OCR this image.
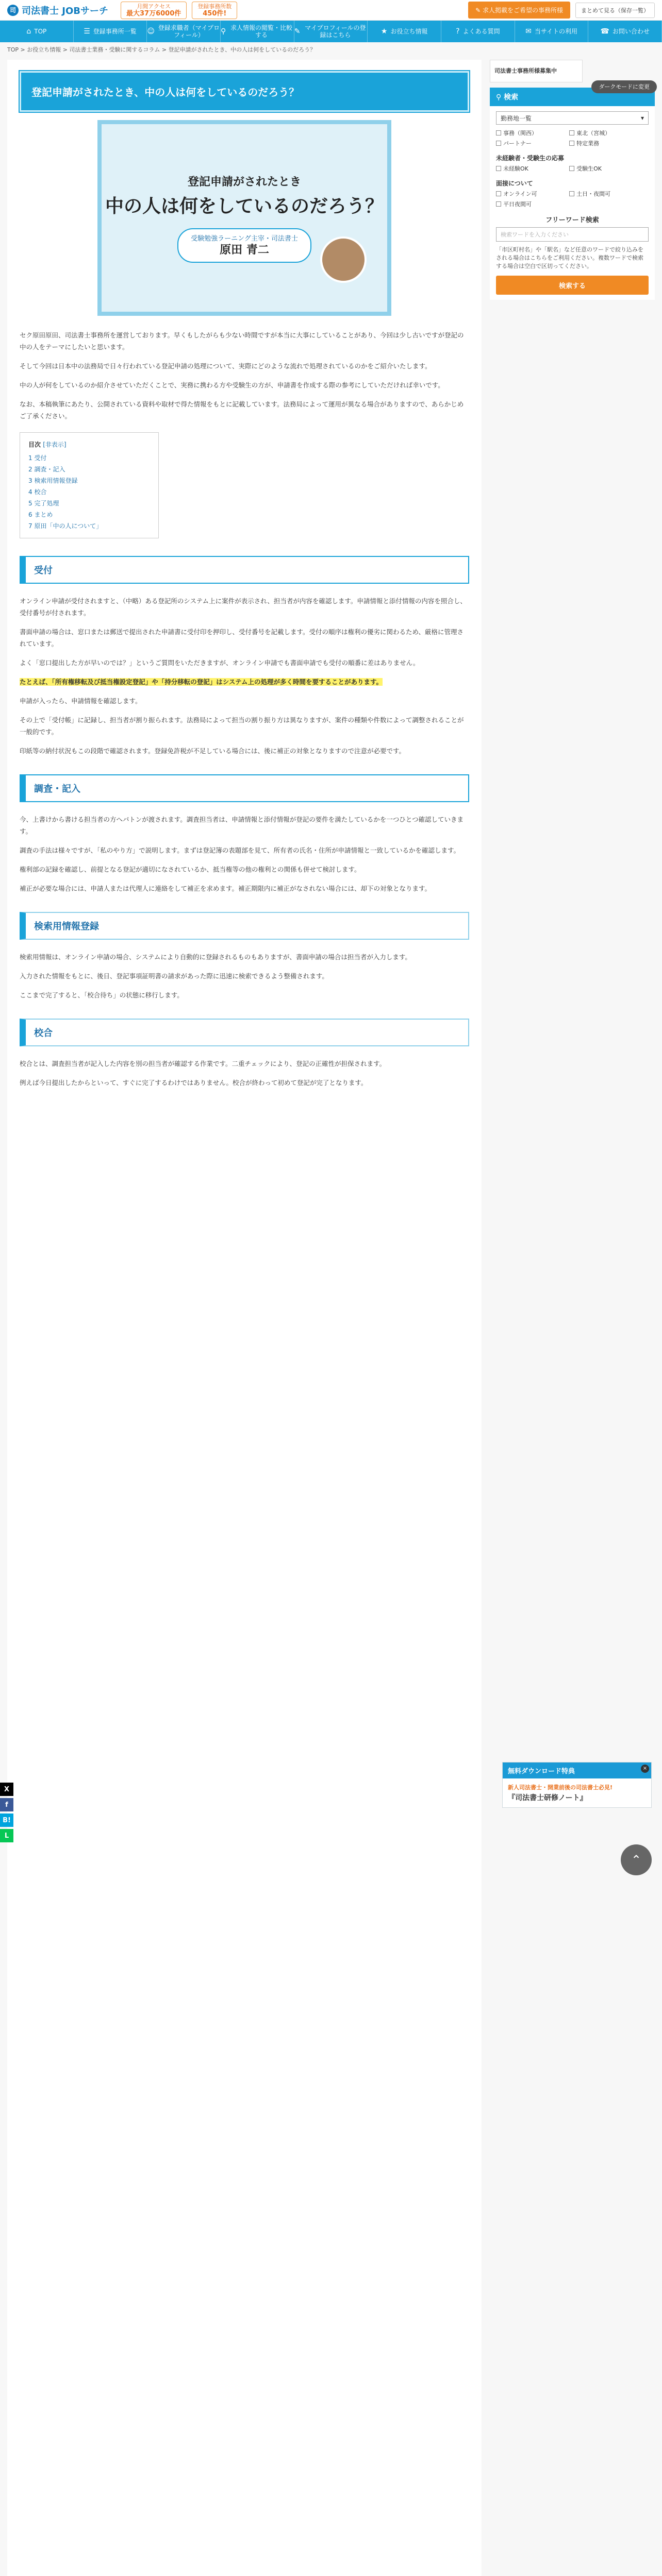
司 司法書士 JOBサーチ	月間アクセス
最大37万6000件
登録事務所数
450件!	✎ 求人掲載をご希望の事務所様	まとめて見る（保存一覧）
⌂ TOP	☰ 登録事務所一覧 ☺ 登録求職者（マイプロフィール）	⚲ 求人情報の閲覧・比較する	✎ マイプロフィールの登録はこちら	★ お役立ち情報	? よくある質問	✉ 当サイトの利用	☎ お問い合わせ
TOP > お役立ち情報 > 司法書士業務・受験に関するコラム > 登記申請がされたとき、中の人は何をしているのだろう？
ダークモードに変更
登記申請がされたとき、中の人は何をしているのだろう？
登記申請がされたとき
中の人は何をしているのだろう？
受験勉強ラーニング主宰・司法書士
原田 青二

セク原田原田、司法書士事務所を運営しております。早くもしたがらも少ない時間ですが本当に大事にしていることがあり、今回は少し古いですが登記の中の人をテーマにしたいと思います。

そして今回は日本中の法務局で日々行われている登記申請の処理について、実際にどのような流れで処理されているのかをご紹介いたします。

中の人が何をしているのか紹介させていただくことで、実務に携わる方や受験生の方が、申請書を作成する際の参考にしていただければ幸いです。

なお、本稿執筆にあたり、公開されている資料や取材で得た情報をもとに記載しています。法務局によって運用が異なる場合がありますので、あらかじめご了承ください。

目次 [非表示]
1 受付
2 調査・記入
3 検索用情報登録
4 校合
5 完了処理
6 まとめ
7 原田「中の人について」
受付

オンライン申請が受付されますと、（中略）ある登記所のシステム上に案件が表示され、担当者が内容を確認します。申請情報と添付情報の内容を照合し、受付番号が付されます。

書面申請の場合は、窓口または郵送で提出された申請書に受付印を押印し、受付番号を記載します。受付の順序は権利の優劣に関わるため、厳格に管理されています。

よく「窓口提出した方が早いのでは？」というご質問をいただきますが、オンライン申請でも書面申請でも受付の順番に差はありません。

たとえば、「所有権移転及び抵当権設定登記」や「持分移転の登記」はシステム上の処理が多く時間を要することがあります。

申請が入ったら、申請情報を確認します。

その上で「受付帳」に記録し、担当者が割り振られます。法務局によって担当の割り振り方は異なりますが、案件の種類や件数によって調整されることが一般的です。

印紙等の納付状況もこの段階で確認されます。登録免許税が不足している場合には、後に補正の対象となりますので注意が必要です。

調査・記入

今、上書けから書ける担当者の方へバトンが渡されます。調査担当者は、申請情報と添付情報が登記の要件を満たしているかを一つひとつ確認していきます。

調査の手法は様々ですが、「私のやり方」で説明します。まずは登記簿の表題部を見て、所有者の氏名・住所が申請情報と一致しているかを確認します。

権利部の記録を確認し、前提となる登記が適切になされているか、抵当権等の他の権利との関係も併せて検討します。

補正が必要な場合には、申請人または代理人に連絡をして補正を求めます。補正期限内に補正がなされない場合には、却下の対象となります。

検索用情報登録

検索用情報は、オンライン申請の場合、システムにより自動的に登録されるものもありますが、書面申請の場合は担当者が入力します。

入力された情報をもとに、後日、登記事項証明書の請求があった際に迅速に検索できるよう整備されます。

ここまで完了すると、「校合待ち」の状態に移行します。

校合

校合とは、調査担当者が記入した内容を別の担当者が確認する作業です。二重チェックにより、登記の正確性が担保されます。

例えば今日提出したからといって、すぐに完了するわけではありません。校合が終わって初めて登記が完了となります。

司法書士事務所様募集中
⚲ 検索
勤務地一覧	▾
事務（関西）	東北（宮城）
パートナー	特定業務
未経験者・受験生の応募
未経験OK	受験生OK
面接について
オンライン可	土日・夜間可
平日夜間可
フリーワード検索
検索ワードを入力ください
「市区町村名」や「駅名」など任意のワードで絞り込みをされる場合はこちらをご利用ください。複数ワードで検索する場合は空白で区切ってください。
検索する
X
f
B!
L
無料ダウンロード特典
新人司法書士・開業前後の司法書士必見!
『司法書士研修ノート』
×
⌃
